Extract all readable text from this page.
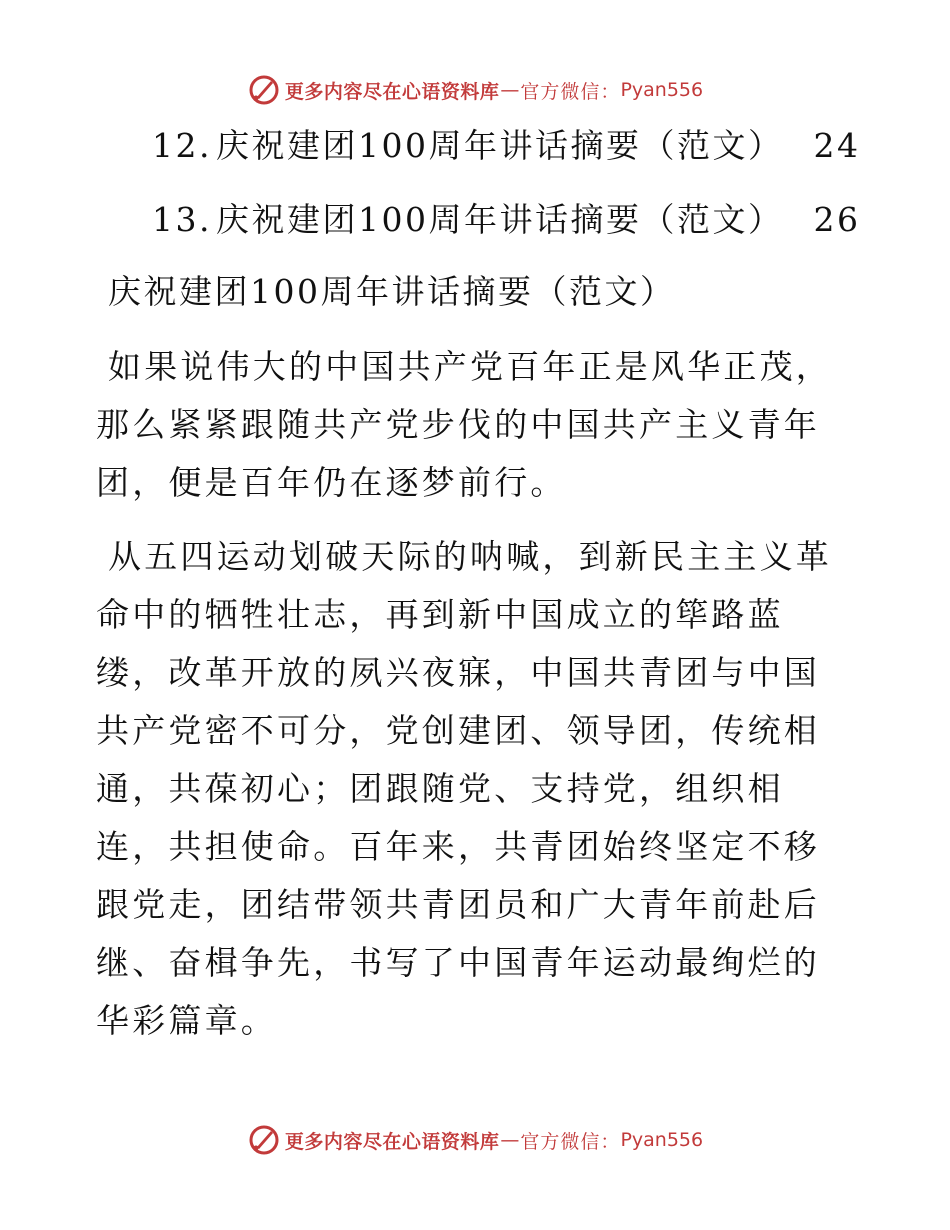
更多内容尽在心语资料库 — 官方微信： Pyan556
12. 庆祝建团100周年讲话摘要（范文） 24
13. 庆祝建团100周年讲话摘要（范文） 26
庆祝建团100周年讲话摘要（范文）

如果说伟大的中国共产党百年正是风华正茂，那么紧紧跟随共产党步伐的中国共产主义青年团，便是百年仍在逐梦前行。

从五四运动划破天际的呐喊，到新民主主义革命中的牺牲壮志，再到新中国成立的筚路蓝缕，改革开放的夙兴夜寐，中国共青团与中国共产党密不可分，党创建团、领导团，传统相通，共葆初心；团跟随党、支持党，组织相连，共担使命。百年来，共青团始终坚定不移跟党走，团结带领共青团员和广大青年前赴后继、奋楫争先，书写了中国青年运动最绚烂的华彩篇章。

更多内容尽在心语资料库 — 官方微信： Pyan556
